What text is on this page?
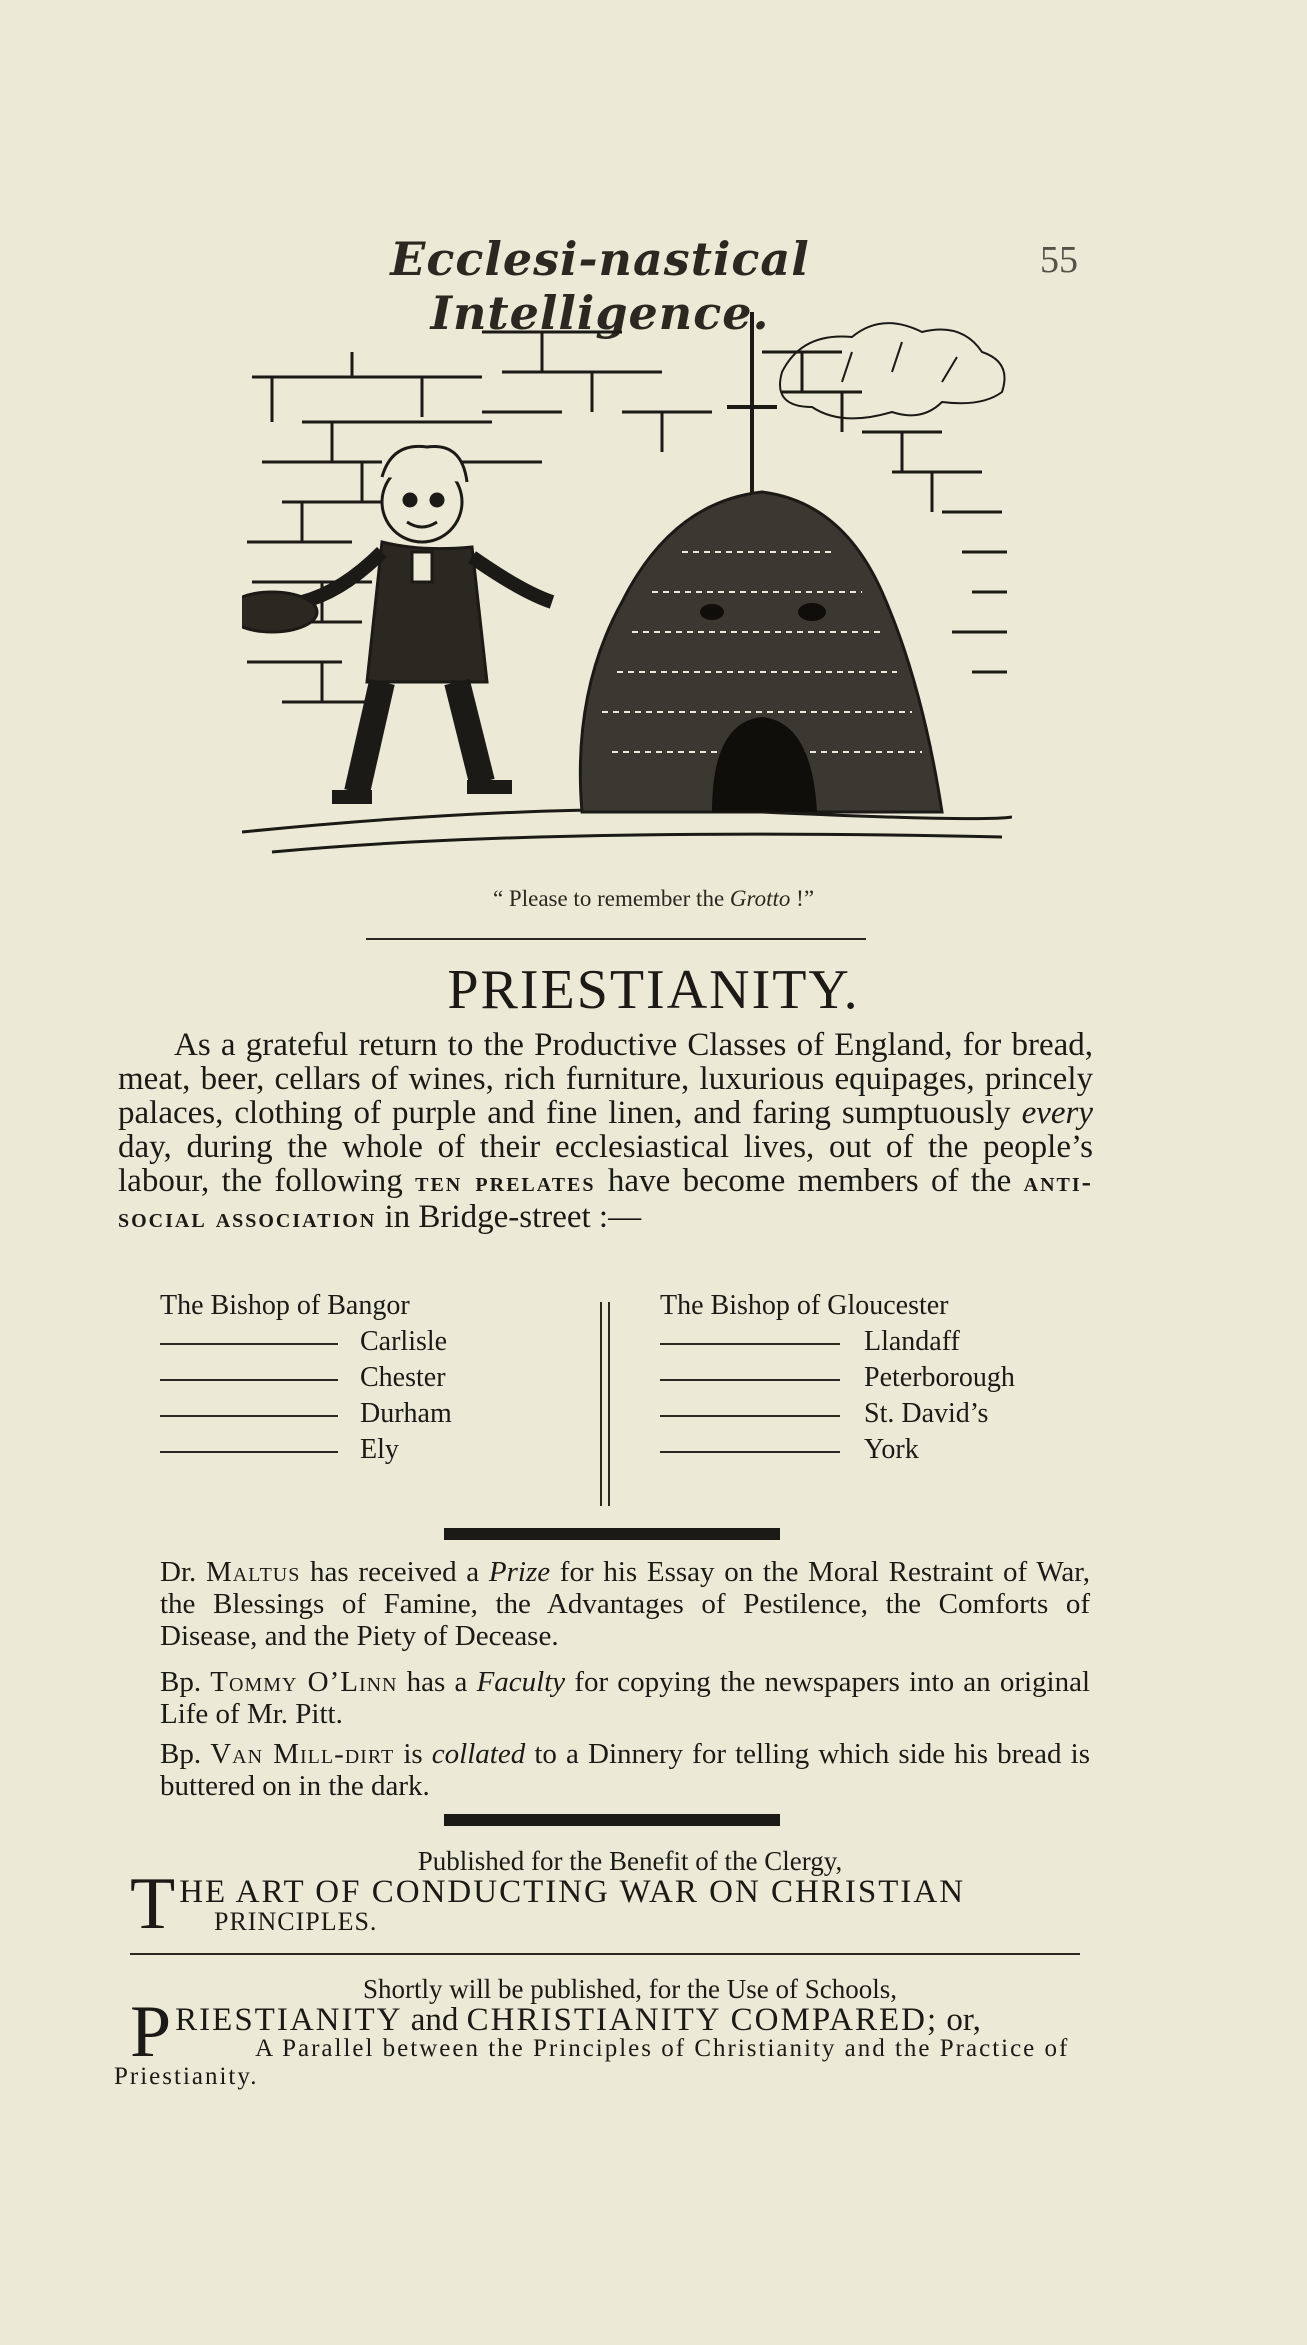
Ecclesi-nastical Intelligence.
55
“ Please to remember the Grotto !”
PRIESTIANITY.

As a grateful return to the Productive Classes of England, for bread, meat, beer, cellars of wines, rich furniture, luxurious equipages, princely palaces, clothing of purple and fine linen, and faring sumptuously every day, during the whole of their ecclesiastical lives, out of the people’s labour, the following ten prelates have become members of the anti-social association in Bridge-street :—

The Bishop of Bangor
Carlisle
Chester
Durham
Ely
The Bishop of Gloucester
Llandaff
Peterborough
St. David’s
York

Dr. Maltus has received a Prize for his Essay on the Moral Restraint of War, the Blessings of Famine, the Advantages of Pestilence, the Comforts of Disease, and the Piety of Decease.

Bp. Tommy O’Linn has a Faculty for copying the newspapers into an original Life of Mr. Pitt.

Bp. Van Mill-dirt is collated to a Dinnery for telling which side his bread is buttered on in the dark.

Published for the Benefit of the Clergy,
T HE ART OF CONDUCTING WAR ON CHRISTIAN
PRINCIPLES.
Shortly will be published, for the Use of Schools,
P RIESTIANITY and CHRISTIANITY COMPARED; or,
A Parallel between the Principles of Christianity and the Practice of Priestianity.
